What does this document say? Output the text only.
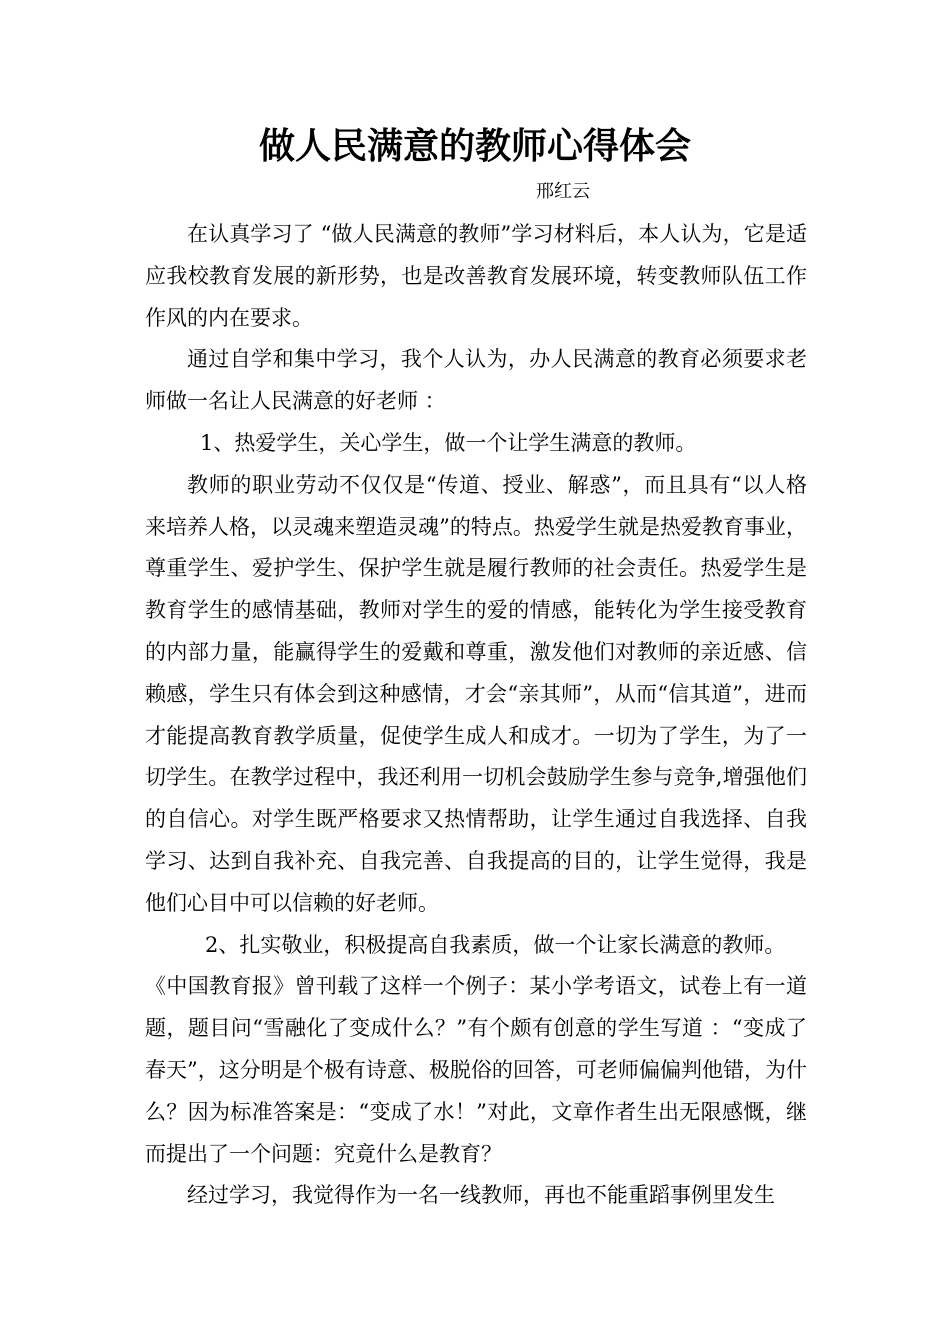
做人民满意的教师心得体会
邢红云

在认真学习了 “做人民满意的教师”学习材料后，本人认为，它是适应我校教育发展的新形势，也是改善教育发展环境，转变教师队伍工作作风的内在要求。

通过自学和集中学习，我个人认为，办人民满意的教育必须要求老师做一名让人民满意的好老师 ：

1、热爱学生，关心学生，做一个让学生满意的教师。

教师的职业劳动不仅仅是“传道、授业、解惑”，而且具有“以人格来培养人格，以灵魂来塑造灵魂”的特点。热爱学生就是热爱教育事业，尊重学生、爱护学生、保护学生就是履行教师的社会责任。热爱学生是教育学生的感情基础，教师对学生的爱的情感，能转化为学生接受教育的内部力量，能赢得学生的爱戴和尊重，激发他们对教师的亲近感、信赖感，学生只有体会到这种感情，才会“亲其师”，从而“信其道”，进而才能提高教育教学质量，促使学生成人和成才。一切为了学生，为了一切学生。在教学过程中，我还利用一切机会鼓励学生参与竞争,增强他们的自信心。对学生既严格要求又热情帮助，让学生通过自我选择、自我学习、达到自我补充、自我完善、自我提高的目的，让学生觉得，我是他们心目中可以信赖的好老师。

2、扎实敬业，积极提高自我素质，做一个让家长满意的教师。

《中国教育报》曾刊载了这样一个例子：某小学考语文，试卷上有一道题，题目问“雪融化了变成什么？”有个颇有创意的学生写道 ：“变成了春天”，这分明是个极有诗意、极脱俗的回答，可老师偏偏判他错，为什么？因为标准答案是：“变成了水！”对此，文章作者生出无限感慨，继而提出了一个问题：究竟什么是教育？

经过学习，我觉得作为一名一线教师，再也不能重蹈事例里发生
